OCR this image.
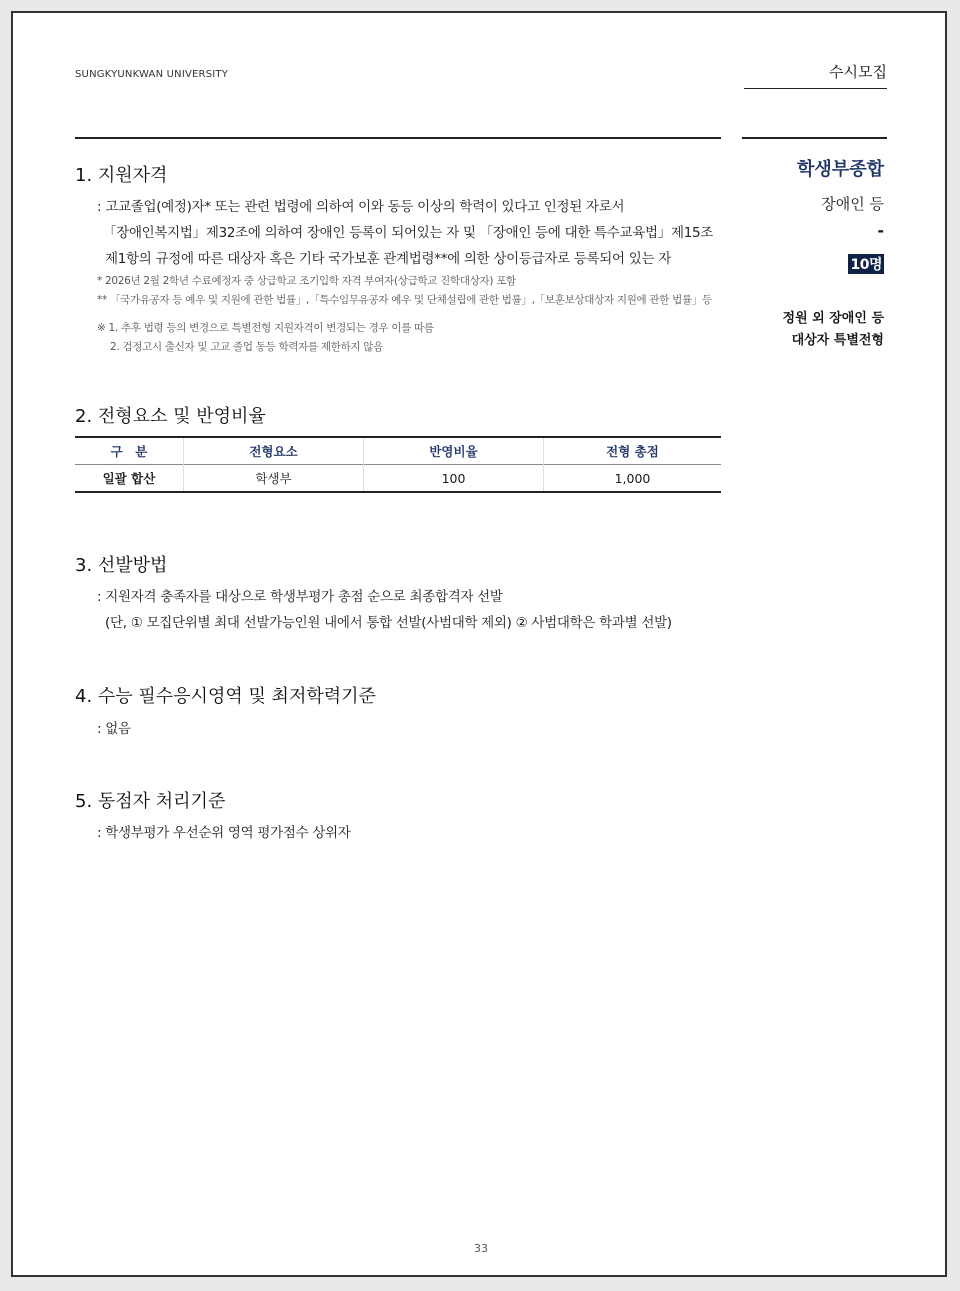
SUNGKYUNKWAN UNIVERSITY	수시모집
학생부종합
장애인 등
-
10명
정원 외 장애인 등
대상자 특별전형
1. 지원자격
: 고교졸업(예정)자* 또는 관련 법령에 의하여 이와 동등 이상의 학력이 있다고 인정된 자로서
「장애인복지법」제32조에 의하여 장애인 등록이 되어있는 자 및 「장애인 등에 대한 특수교육법」제15조
제1항의 규정에 따른 대상자 혹은 기타 국가보훈 관계법령**에 의한 상이등급자로 등록되어 있는 자
* 2026년 2월 2학년 수료예정자 중 상급학교 조기입학 자격 부여자(상급학교 진학대상자) 포함
** 「국가유공자 등 예우 및 지원에 관한 법률」,「특수임무유공자 예우 및 단체설립에 관한 법률」,「보훈보상대상자 지원에 관한 법률」등
※ 1. 추후 법령 등의 변경으로 특별전형 지원자격이 변경되는 경우 이를 따름
2. 검정고시 출신자 및 고교 졸업 동등 학력자를 제한하지 않음
2. 전형요소 및 반영비율
구　분	전형요소	반영비율	전형 총점
일괄 합산	학생부	100	1,000
3. 선발방법
: 지원자격 충족자를 대상으로 학생부평가 총점 순으로 최종합격자 선발
(단, ① 모집단위별 최대 선발가능인원 내에서 통합 선발(사범대학 제외) ② 사범대학은 학과별 선발)
4. 수능 필수응시영역 및 최저학력기준
: 없음
5. 동점자 처리기준
: 학생부평가 우선순위 영역 평가점수 상위자
33
